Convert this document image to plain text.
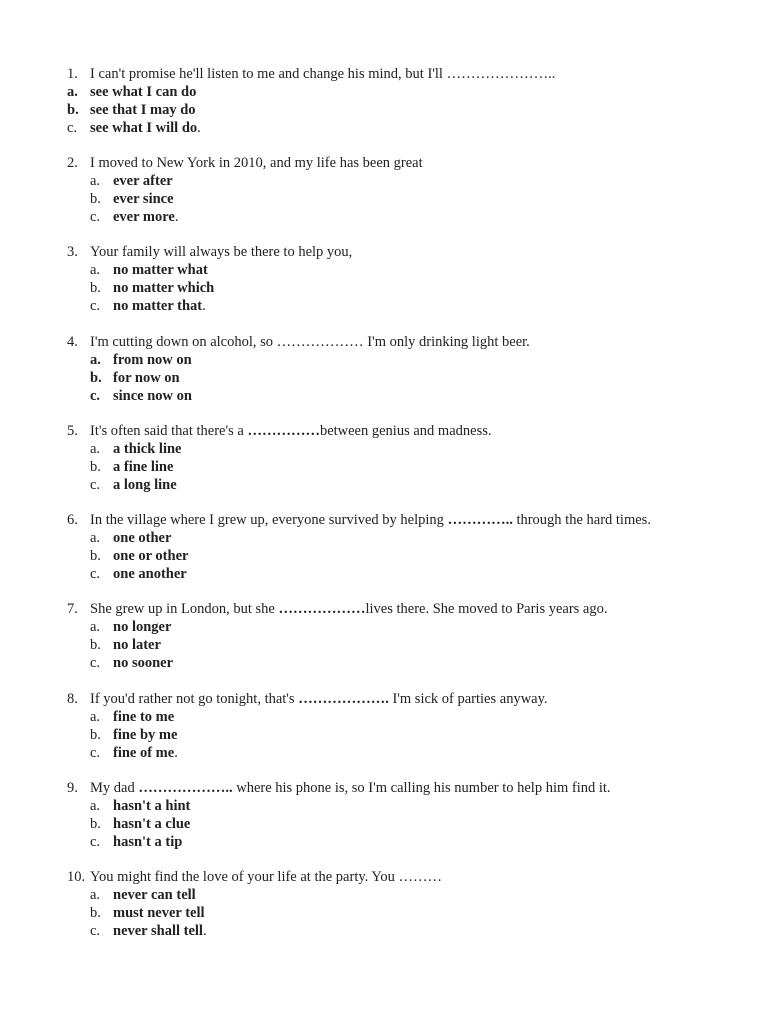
1. I can't promise he'll listen to me and change his mind, but I'll …………………..
a. see what I can do
b. see that I may do
c. see what I will do.
2. I moved to New York in 2010, and my life has been great
a. ever after
b. ever since
c. ever more.
3. Your family will always be there to help you,
a. no matter what
b. no matter which
c. no matter that.
4. I'm cutting down on alcohol, so ……………… I'm only drinking light beer.
a. from now on
b. for now on
c. since now on
5. It's often said that there's a ……………between genius and madness.
a. a thick line
b. a fine line
c. a long line
6. In the village where I grew up, everyone survived by helping ………….. through the hard times.
a. one other
b. one or other
c. one another
7. She grew up in London, but she ………………lives there. She moved to Paris years ago.
a. no longer
b. no later
c. no sooner
8. If you'd rather not go tonight, that's ………………. I'm sick of parties anyway.
a. fine to me
b. fine by me
c. fine of me.
9. My dad ……………….. where his phone is, so I'm calling his number to help him find it.
a. hasn't a hint
b. hasn't a clue
c. hasn't a tip
10. You might find the love of your life at the party. You ………
a. never can tell
b. must never tell
c. never shall tell.
